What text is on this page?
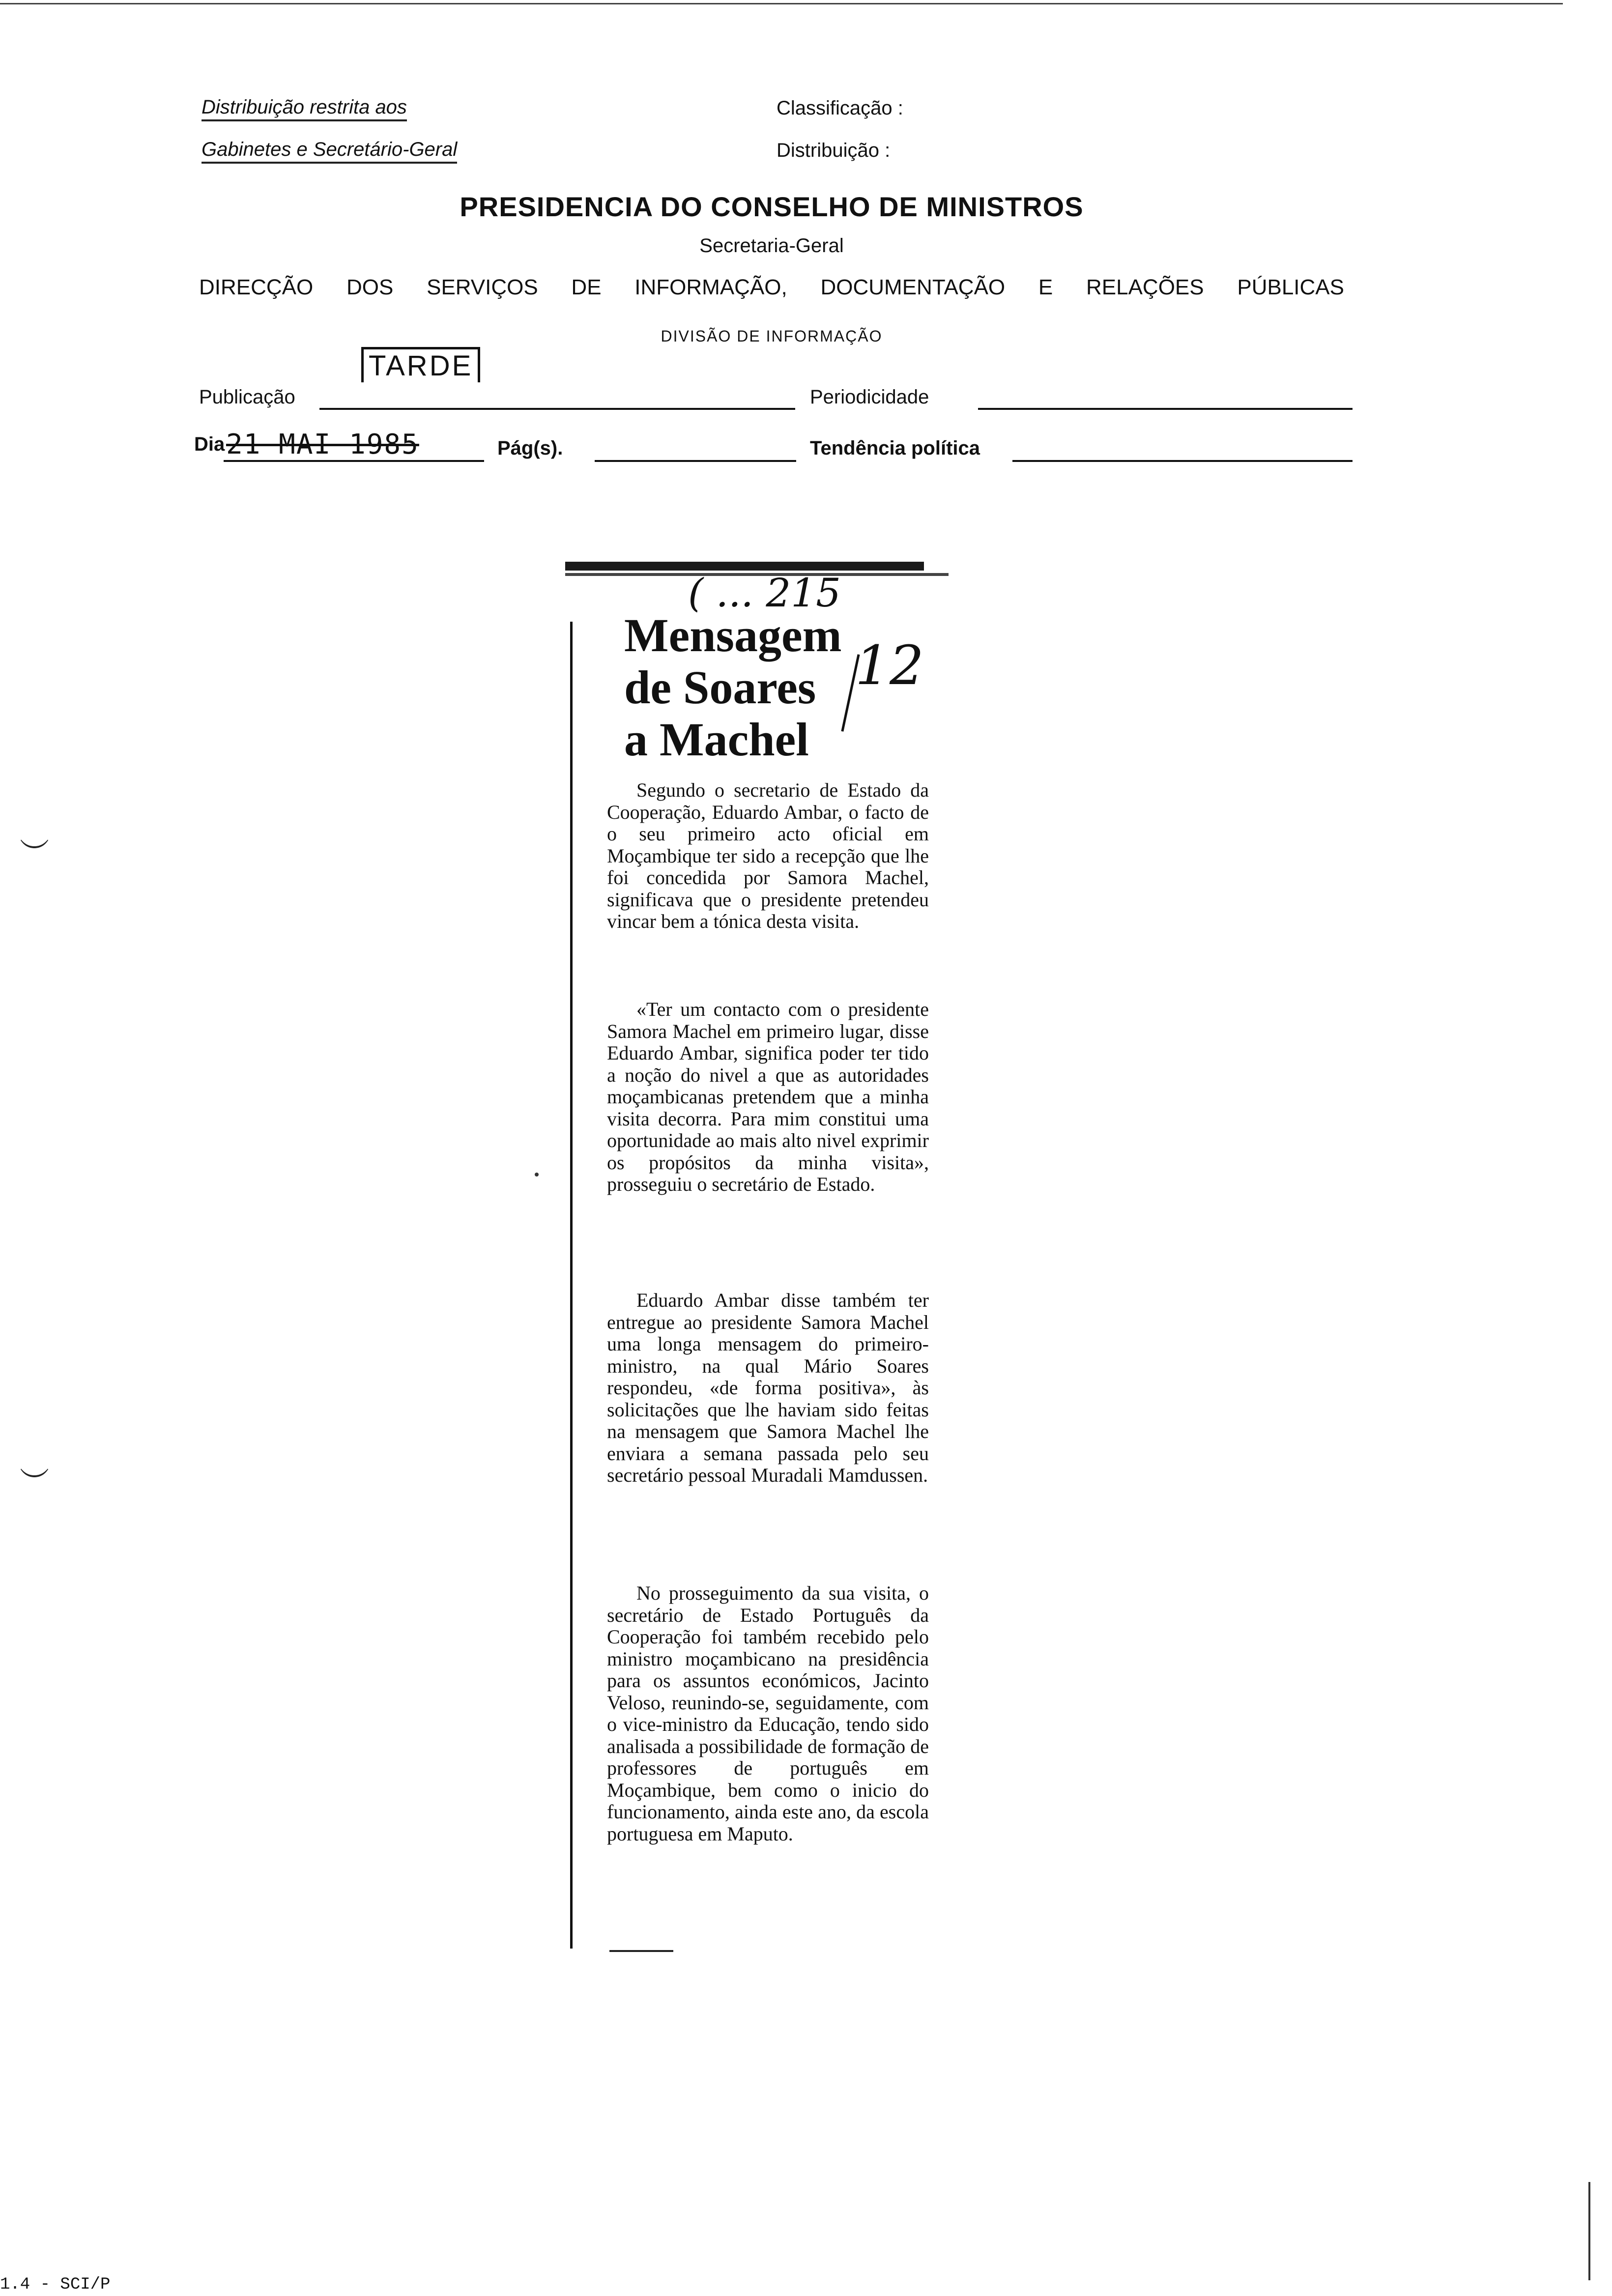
Distribuição restrita aos
Gabinetes e Secretário-Geral
Classificação :
Distribuição :
PRESIDENCIA DO CONSELHO DE MINISTROS
Secretaria-Geral
DIRECÇÃO DOS SERVIÇOS DE INFORMAÇÃO, DOCUMENTAÇÃO E RELAÇÕES PÚBLICAS
DIVISÃO DE INFORMAÇÃO
Publicação
TARDE
Periodicidade
Dia 21 MAI 1985	Pág(s).	Tendência política
( ... 215
Mensagem
de Soares
a Machel
12

Segundo o secretario de Estado da Cooperação, Eduardo Ambar, o facto de o seu primeiro acto oficial em Moçambique ter sido a recepção que lhe foi concedida por Samora Machel, significava que o presidente pretendeu vincar bem a tónica desta visita.

«Ter um contacto com o presidente Samora Machel em primeiro lugar, disse Eduardo Ambar, significa poder ter tido a noção do nivel a que as autoridades moçambicanas pretendem que a minha visita decorra. Para mim constitui uma oportunidade ao mais alto nivel exprimir os propósitos da minha visita», prosseguiu o secretário de Estado.

Eduardo Ambar disse também ter entregue ao presidente Samora Machel uma longa mensagem do primeiro-ministro, na qual Mário Soares respondeu, «de forma positiva», às solicitações que lhe haviam sido feitas na mensagem que Samora Machel lhe enviara a semana passada pelo seu secretário pessoal Muradali Mamdussen.

No prosseguimento da sua visita, o secretário de Estado Português da Cooperação foi também recebido pelo ministro moçambicano na presidência para os assuntos económicos, Jacinto Veloso, reunindo-se, seguidamente, com o vice-ministro da Educação, tendo sido analisada a possibilidade de formação de professores de português em Moçambique, bem como o inicio do funcionamento, ainda este ano, da escola portuguesa em Maputo.

︶
︶
1.4 - SCI/P
